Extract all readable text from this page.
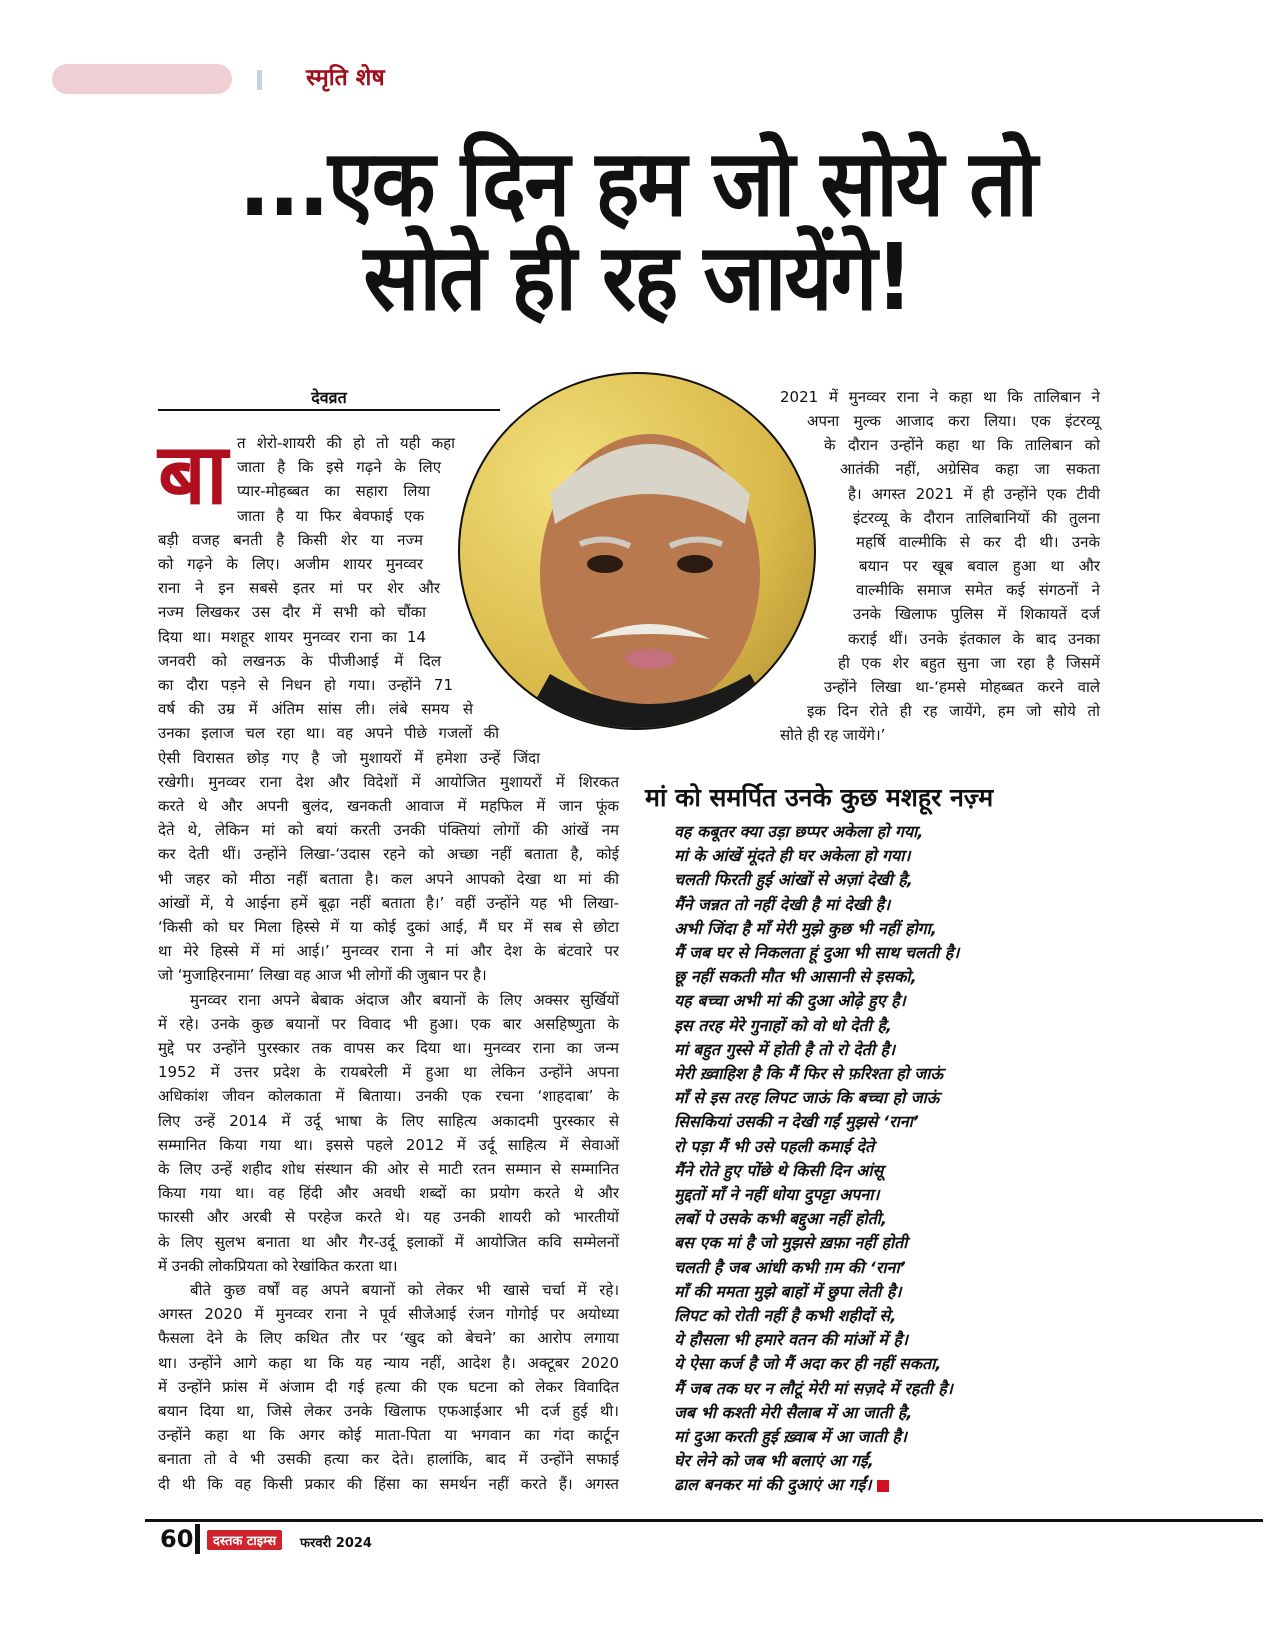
स्मृति शेष
...एक दिन हम जो सोये तो
सोते ही रह जायेंगे!
देवव्रत
बा त शेरो-शायरी की हो तो यही कहा
जाता है कि इसे गढ़ने के लिए
प्यार-मोहब्बत का सहारा लिया
जाता है या फिर बेवफाई एक
बड़ी वजह बनती है किसी शेर या नज्म
को गढ़ने के लिए। अजीम शायर मुनव्वर
राना ने इन सबसे इतर मां पर शेर और
नज्म लिखकर उस दौर में सभी को चौंका
दिया था। मशहूर शायर मुनव्वर राना का 14
जनवरी को लखनऊ के पीजीआई में दिल
का दौरा पड़ने से निधन हो गया। उन्होंने 71
वर्ष की उम्र में अंतिम सांस ली। लंबे समय से
उनका इलाज चल रहा था। वह अपने पीछे गजलों की
ऐसी विरासत छोड़ गए है जो मुशायरों में हमेशा उन्हें जिंदा
रखेगी। मुनव्वर राना देश और विदेशों में आयोजित मुशायरों में शिरकत
करते थे और अपनी बुलंद, खनकती आवाज में महफिल में जान फूंक
देते थे, लेकिन मां को बयां करती उनकी पंक्तियां लोगों की आंखें नम
कर देती थीं। उन्होंने लिखा-‘उदास रहने को अच्छा नहीं बताता है, कोई
भी जहर को मीठा नहीं बताता है। कल अपने आपको देखा था मां की
आंखों में, ये आईना हमें बूढ़ा नहीं बताता है।’ वहीं उन्होंने यह भी लिखा-
‘किसी को घर मिला हिस्से में या कोई दुकां आई, मैं घर में सब से छोटा
था मेरे हिस्से में मां आई।’ मुनव्वर राना ने मां और देश के बंटवारे पर
जो ‘मुजाहिरनामा’ लिखा वह आज भी लोगों की जुबान पर है।
मुनव्वर राना अपने बेबाक अंदाज और बयानों के लिए अक्सर सुर्खियों
में रहे। उनके कुछ बयानों पर विवाद भी हुआ। एक बार असहिष्णुता के
मुद्दे पर उन्होंने पुरस्कार तक वापस कर दिया था। मुनव्वर राना का जन्म
1952 में उत्तर प्रदेश के रायबरेली में हुआ था लेकिन उन्होंने अपना
अधिकांश जीवन कोलकाता में बिताया। उनकी एक रचना ‘शाहदाबा’ के
लिए उन्हें 2014 में उर्दू भाषा के लिए साहित्य अकादमी पुरस्कार से
सम्मानित किया गया था। इससे पहले 2012 में उर्दू साहित्य में सेवाओं
के लिए उन्हें शहीद शोध संस्थान की ओर से माटी रतन सम्मान से सम्मानित
किया गया था। वह हिंदी और अवधी शब्दों का प्रयोग करते थे और
फारसी और अरबी से परहेज करते थे। यह उनकी शायरी को भारतीयों
के लिए सुलभ बनाता था और गैर-उर्दू इलाकों में आयोजित कवि सम्मेलनों
में उनकी लोकप्रियता को रेखांकित करता था।
बीते कुछ वर्षों वह अपने बयानों को लेकर भी खासे चर्चा में रहे।
अगस्त 2020 में मुनव्वर राना ने पूर्व सीजेआई रंजन गोगोई पर अयोध्या
फैसला देने के लिए कथित तौर पर ‘खुद को बेचने’ का आरोप लगाया
था। उन्होंने आगे कहा था कि यह न्याय नहीं, आदेश है। अक्टूबर 2020
में उन्होंने फ्रांस में अंजाम दी गई हत्या की एक घटना को लेकर विवादित
बयान दिया था, जिसे लेकर उनके खिलाफ एफआईआर भी दर्ज हुई थी।
उन्होंने कहा था कि अगर कोई माता-पिता या भगवान का गंदा कार्टून
बनाता तो वे भी उसकी हत्या कर देते। हालांकि, बाद में उन्होंने सफाई
दी थी कि वह किसी प्रकार की हिंसा का समर्थन नहीं करते हैं। अगस्त
2021 में मुनव्वर राना ने कहा था कि तालिबान ने
अपना मुल्क आजाद करा लिया। एक इंटरव्यू
के दौरान उन्होंने कहा था कि तालिबान को
आतंकी नहीं, अग्रेसिव कहा जा सकता
है। अगस्त 2021 में ही उन्होंने एक टीवी
इंटरव्यू के दौरान तालिबानियों की तुलना
महर्षि वाल्मीकि से कर दी थी। उनके
बयान पर खूब बवाल हुआ था और
वाल्मीकि समाज समेत कई संगठनों ने
उनके खिलाफ पुलिस में शिकायतें दर्ज
कराई थीं। उनके इंतकाल के बाद उनका
ही एक शेर बहुत सुना जा रहा है जिसमें
उन्होंने लिखा था-‘हमसे मोहब्बत करने वाले
इक दिन रोते ही रह जायेंगे, हम जो सोये तो
सोते ही रह जायेंगे।’
मां को समर्पित उनके कुछ मशहूर नज़्म
वह कबूतर क्या उड़ा छप्पर अकेला हो गया,
मां के आंखें मूंदते ही घर अकेला हो गया।
चलती फिरती हुई आंखों से अज़ां देखी है,
मैंने जन्नत तो नहीं देखी है मां देखी है।
अभी जिंदा है माँ मेरी मुझे कुछ भी नहीं होगा,
मैं जब घर से निकलता हूं दुआ भी साथ चलती है।
छू नहीं सकती मौत भी आसानी से इसको,
यह बच्चा अभी मां की दुआ ओढ़े हुए है।
इस तरह मेरे गुनाहों को वो धो देती है,
मां बहुत गुस्से में होती है तो रो देती है।
मेरी ख़्वाहिश है कि मैं फिर से फ़रिश्ता हो जाऊं
माँ से इस तरह लिपट जाऊं कि बच्चा हो जाऊं
सिसकियां उसकी न देखी गईं मुझसे ‘राना’
रो पड़ा मैं भी उसे पहली कमाई देते
मैंने रोते हुए पोंछे थे किसी दिन आंसू
मुद्दतों माँ ने नहीं धोया दुपट्टा अपना।
लबों पे उसके कभी बद्दुआ नहीं होती,
बस एक मां है जो मुझसे ख़फ़ा नहीं होती
चलती है जब आंधी कभी ग़म की ‘राना’
माँ की ममता मुझे बाहों में छुपा लेती है।
लिपट को रोती नहीं है कभी शहीदों से,
ये हौसला भी हमारे वतन की मांओं में है।
ये ऐसा कर्ज है जो मैं अदा कर ही नहीं सकता,
मैं जब तक घर न लौटूं मेरी मां सज़दे में रहती है।
जब भी कश्ती मेरी सैलाब में आ जाती है,
मां दुआ करती हुई ख़्वाब में आ जाती है।
घेर लेने को जब भी बलाएं आ गईं,
ढाल बनकर मां की दुआएं आ गईं।
60	दस्तक टाइम्स	फरवरी 2024
